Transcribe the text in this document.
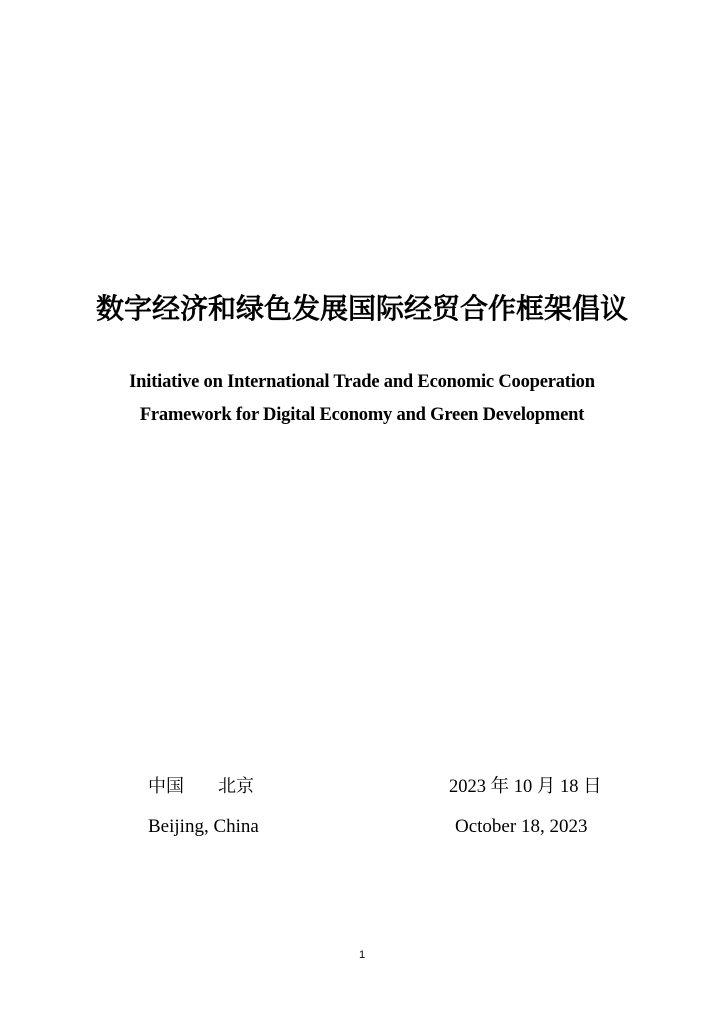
数字经济和绿色发展国际经贸合作框架倡议
Initiative on International Trade and Economic Cooperation
Framework for Digital Economy and Green Development
中国 北京	2023 年 10 月 18 日
Beijing, China	October 18, 2023
1
